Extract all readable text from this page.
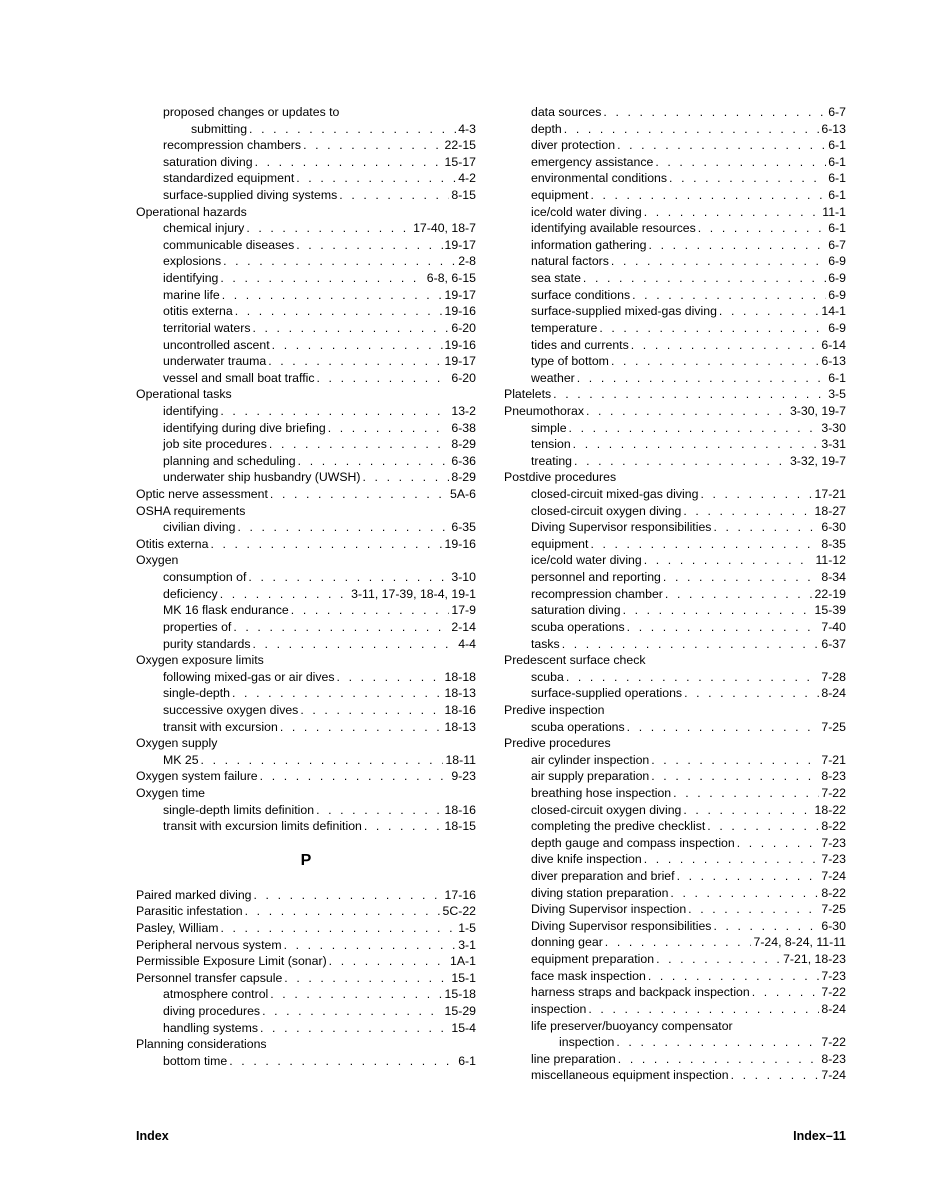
proposed changes or updates to
submitting . . .	4-3
recompression chambers . . .	22-15
saturation diving . . .	15-17
standardized equipment . . .	4-2
surface-supplied diving systems . . .	8-15
Operational hazards
chemical injury . . .	17-40, 18-7
communicable diseases . . .	19-17
explosions . . .	2-8
identifying . . .	6-8, 6-15
marine life . . .	19-17
otitis externa . . .	19-16
territorial waters . . .	6-20
uncontrolled ascent . . .	19-16
underwater trauma . . .	19-17
vessel and small boat traffic . . .	6-20
Operational tasks
identifying . . .	13-2
identifying during dive briefing . . .	6-38
job site procedures . . .	8-29
planning and scheduling . . .	6-36
underwater ship husbandry (UWSH) . . .	8-29
Optic nerve assessment . . .	5A-6
OSHA requirements
civilian diving . . .	6-35
Otitis externa . . .	19-16
Oxygen
consumption of . . .	3-10
deficiency . . .	3-11, 17-39, 18-4, 19-1
MK 16 flask endurance . . .	17-9
properties of . . .	2-14
purity standards . . .	4-4
Oxygen exposure limits
following mixed-gas or air dives . . .	18-18
single-depth . . .	18-13
successive oxygen dives . . .	18-16
transit with excursion . . .	18-13
Oxygen supply
MK 25 . . .	18-11
Oxygen system failure . . .	9-23
Oxygen time
single-depth limits definition . . .	18-16
transit with excursion limits definition . . .	18-15
P
Paired marked diving . . .	17-16
Parasitic infestation . . .	5C-22
Pasley, William . . .	1-5
Peripheral nervous system . . .	3-1
Permissible Exposure Limit (sonar) . . .	1A-1
Personnel transfer capsule . . .	15-1
atmosphere control . . .	15-18
diving procedures . . .	15-29
handling systems . . .	15-4
Planning considerations
bottom time . . .	6-1
data sources . . .	6-7
depth . . .	6-13
diver protection . . .	6-1
emergency assistance . . .	6-1
environmental conditions . . .	6-1
equipment . . .	6-1
ice/cold water diving . . .	11-1
identifying available resources . . .	6-1
information gathering . . .	6-7
natural factors . . .	6-9
sea state . . .	6-9
surface conditions . . .	6-9
surface-supplied mixed-gas diving . . .	14-1
temperature . . .	6-9
tides and currents . . .	6-14
type of bottom . . .	6-13
weather . . .	6-1
Platelets . . .	3-5
Pneumothorax . . .	3-30, 19-7
simple . . .	3-30
tension . . .	3-31
treating . . .	3-32, 19-7
Postdive procedures
closed-circuit mixed-gas diving . . .	17-21
closed-circuit oxygen diving . . .	18-27
Diving Supervisor responsibilities . . .	6-30
equipment . . .	8-35
ice/cold water diving . . .	11-12
personnel and reporting . . .	8-34
recompression chamber . . .	22-19
saturation diving . . .	15-39
scuba operations . . .	7-40
tasks . . .	6-37
Predescent surface check
scuba . . .	7-28
surface-supplied operations . . .	8-24
Predive inspection
scuba operations . . .	7-25
Predive procedures
air cylinder inspection . . .	7-21
air supply preparation . . .	8-23
breathing hose inspection . . .	7-22
closed-circuit oxygen diving . . .	18-22
completing the predive checklist . . .	8-22
depth gauge and compass inspection . . .	7-23
dive knife inspection . . .	7-23
diver preparation and brief . . .	7-24
diving station preparation . . .	8-22
Diving Supervisor inspection . . .	7-25
Diving Supervisor responsibilities . . .	6-30
donning gear . . .	7-24, 8-24, 11-11
equipment preparation . . .	7-21, 18-23
face mask inspection . . .	7-23
harness straps and backpack inspection . . .	7-22
inspection . . .	8-24
life preserver/buoyancy compensator
inspection . . .	7-22
line preparation . . .	8-23
miscellaneous equipment inspection . . .	7-24
Index	Index–11
